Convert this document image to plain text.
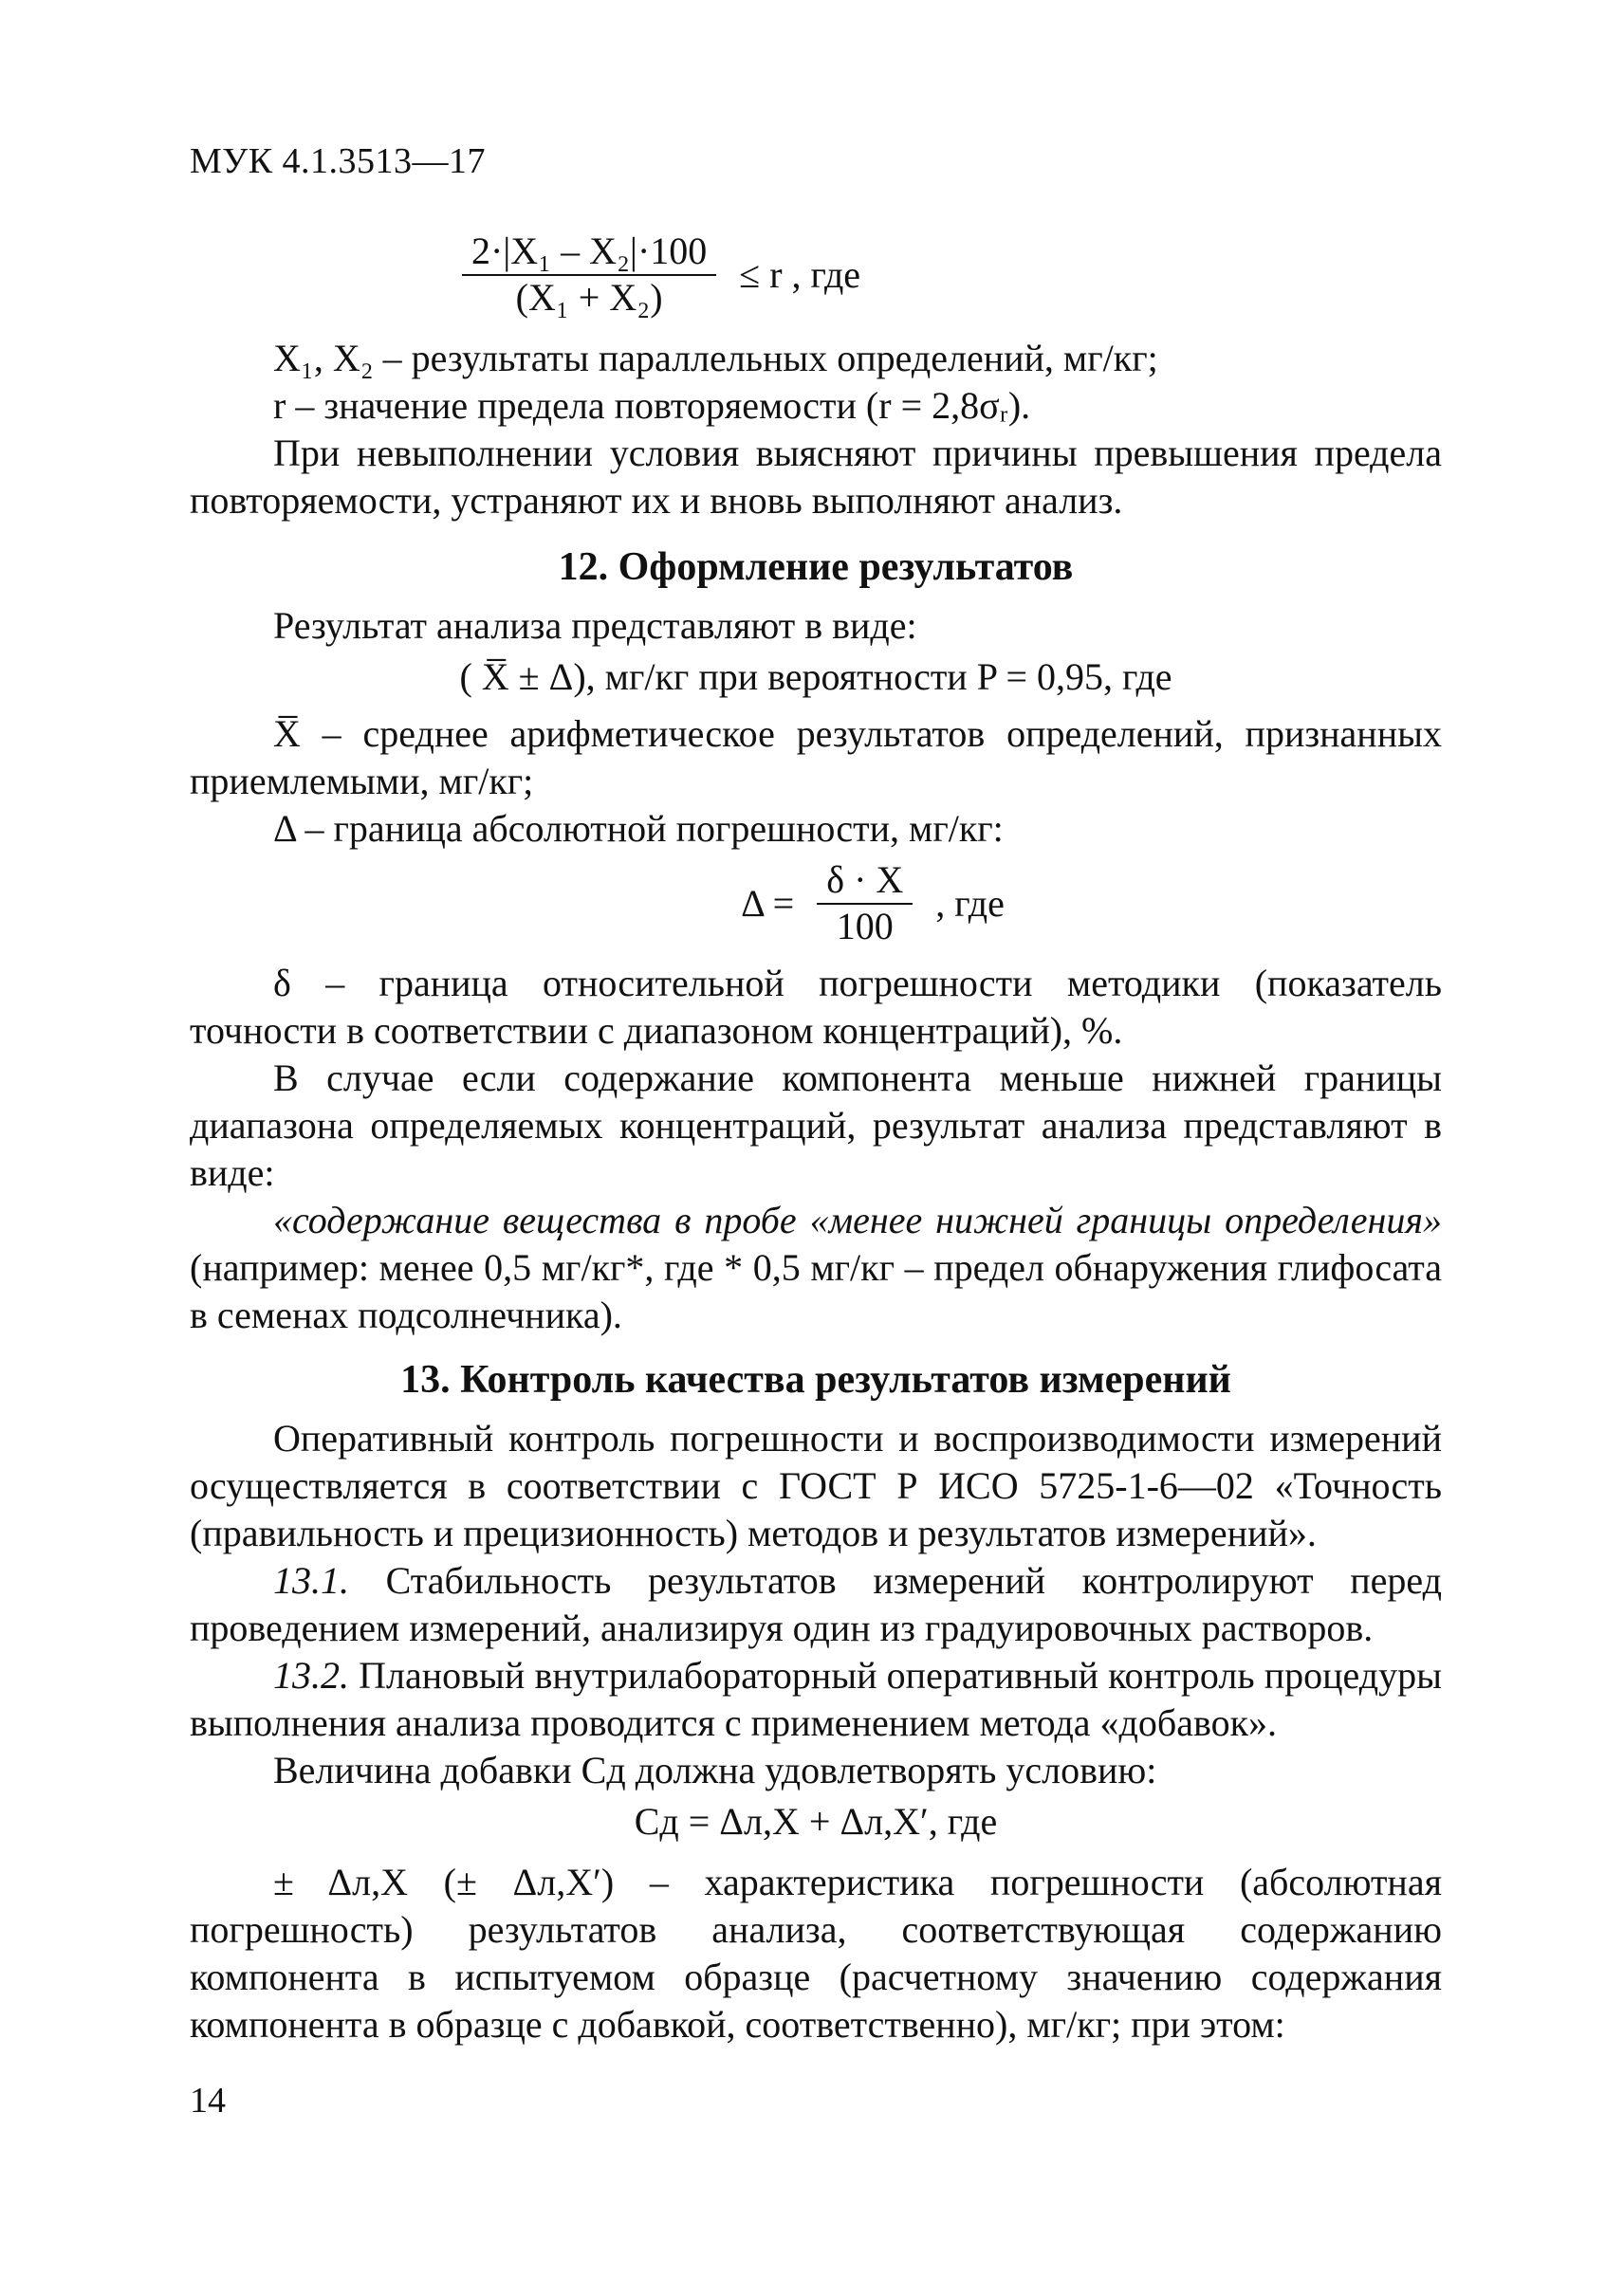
МУК 4.1.3513—17
$\frac{\text{2·|X₁ – X₂|·100}}{\text{(X₁ + X₂)}} \le r$ , где

X₁, X₂ – результаты параллельных определений, мг/кг;

r – значение предела повторяемости (r = 2,8σᵣ).

При невыполнении условия выясняют причины превышения предела повторяемости, устраняют их и вновь выполняют анализ.

12. Оформление результатов

Результат анализа представляют в виде:

( X̅ ± Δ), мг/кг при вероятности P = 0,95, где

X̅ – среднее арифметическое результатов определений, признанных приемлемыми, мг/кг;

Δ – граница абсолютной погрешности, мг/кг:

$\Delta = \frac{\delta \cdot X}{100}$ , где

δ – граница относительной погрешности методики (показатель точности в соответствии с диапазоном концентраций), %.

В случае если содержание компонента меньше нижней границы диапазона определяемых концентраций, результат анализа представляют в виде:

«содержание вещества в пробе «менее нижней границы определения» (например: менее 0,5 мг/кг*, где * 0,5 мг/кг – предел обнаружения глифосата в семенах подсолнечника).

13. Контроль качества результатов измерений

Оперативный контроль погрешности и воспроизводимости измерений осуществляется в соответствии с ГОСТ Р ИСО 5725-1-6—02 «Точность (правильность и прецизионность) методов и результатов измерений».

13.1. Стабильность результатов измерений контролируют перед проведением измерений, анализируя один из градуировочных растворов.

13.2. Плановый внутрилабораторный оперативный контроль процедуры выполнения анализа проводится с применением метода «добавок».

Величина добавки Cд должна удовлетворять условию:

Cд = Δл,X + Δл,X′, где

± Δл,X (± Δл,X′) – характеристика погрешности (абсолютная погрешность) результатов анализа, соответствующая содержанию компонента в испытуемом образце (расчетному значению содержания компонента в образце с добавкой, соответственно), мг/кг; при этом:

14
